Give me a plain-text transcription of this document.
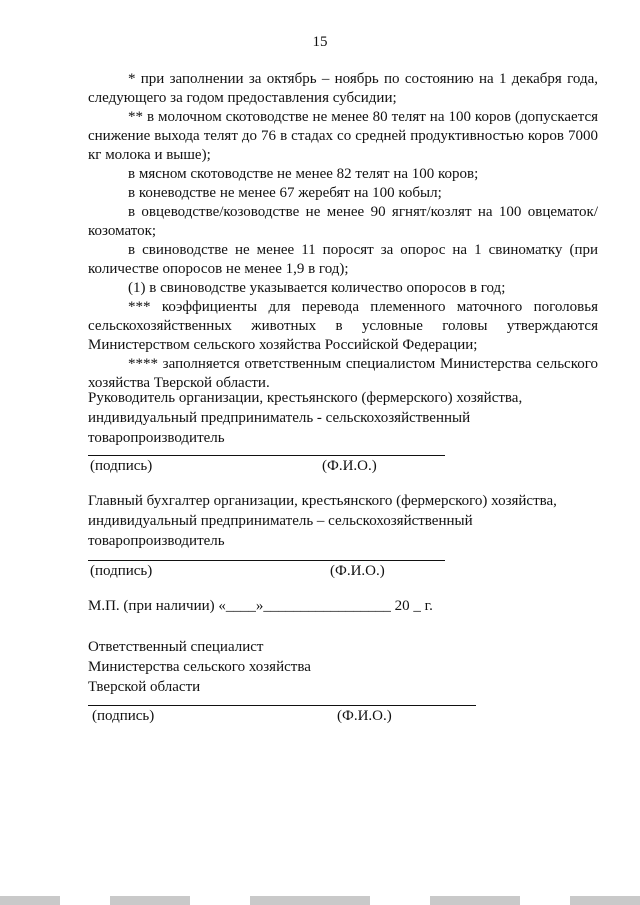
15

* при заполнении за октябрь – ноябрь по состоянию на 1 декабря года, следующего за годом предоставления субсидии;

** в молочном скотоводстве не менее 80 телят на 100 коров (допускается снижение выхода телят до 76 в стадах со средней продуктивностью коров 7000 кг молока и выше);

в мясном скотоводстве не менее 82 телят на 100 коров;

в коневодстве не менее 67 жеребят на 100 кобыл;

в овцеводстве/козоводстве не менее 90 ягнят/козлят на 100 овцематок/козоматок;

в свиноводстве не менее 11 поросят за опорос на 1 свиноматку (при количестве опоросов не менее 1,9 в год);

(1) в свиноводстве указывается количество опоросов в год;

*** коэффициенты для перевода племенного маточного поголовья сельскохозяйственных животных в условные головы утверждаются Министерством сельского хозяйства Российской Федерации;

**** заполняется ответственным специалистом Министерства сельского хозяйства Тверской области.

Руководитель организации, крестьянского (фермерского) хозяйства,

индивидуальный предприниматель - сельскохозяйственный

товаропроизводитель

(подпись)	(Ф.И.О.)

Главный бухгалтер организации, крестьянского (фермерского) хозяйства,

индивидуальный предприниматель – сельскохозяйственный

товаропроизводитель

(подпись)	(Ф.И.О.)
М.П. (при наличии) «____»_________________ 20 _ г.

Ответственный специалист

Министерства сельского хозяйства

Тверской области

(подпись)	(Ф.И.О.)
